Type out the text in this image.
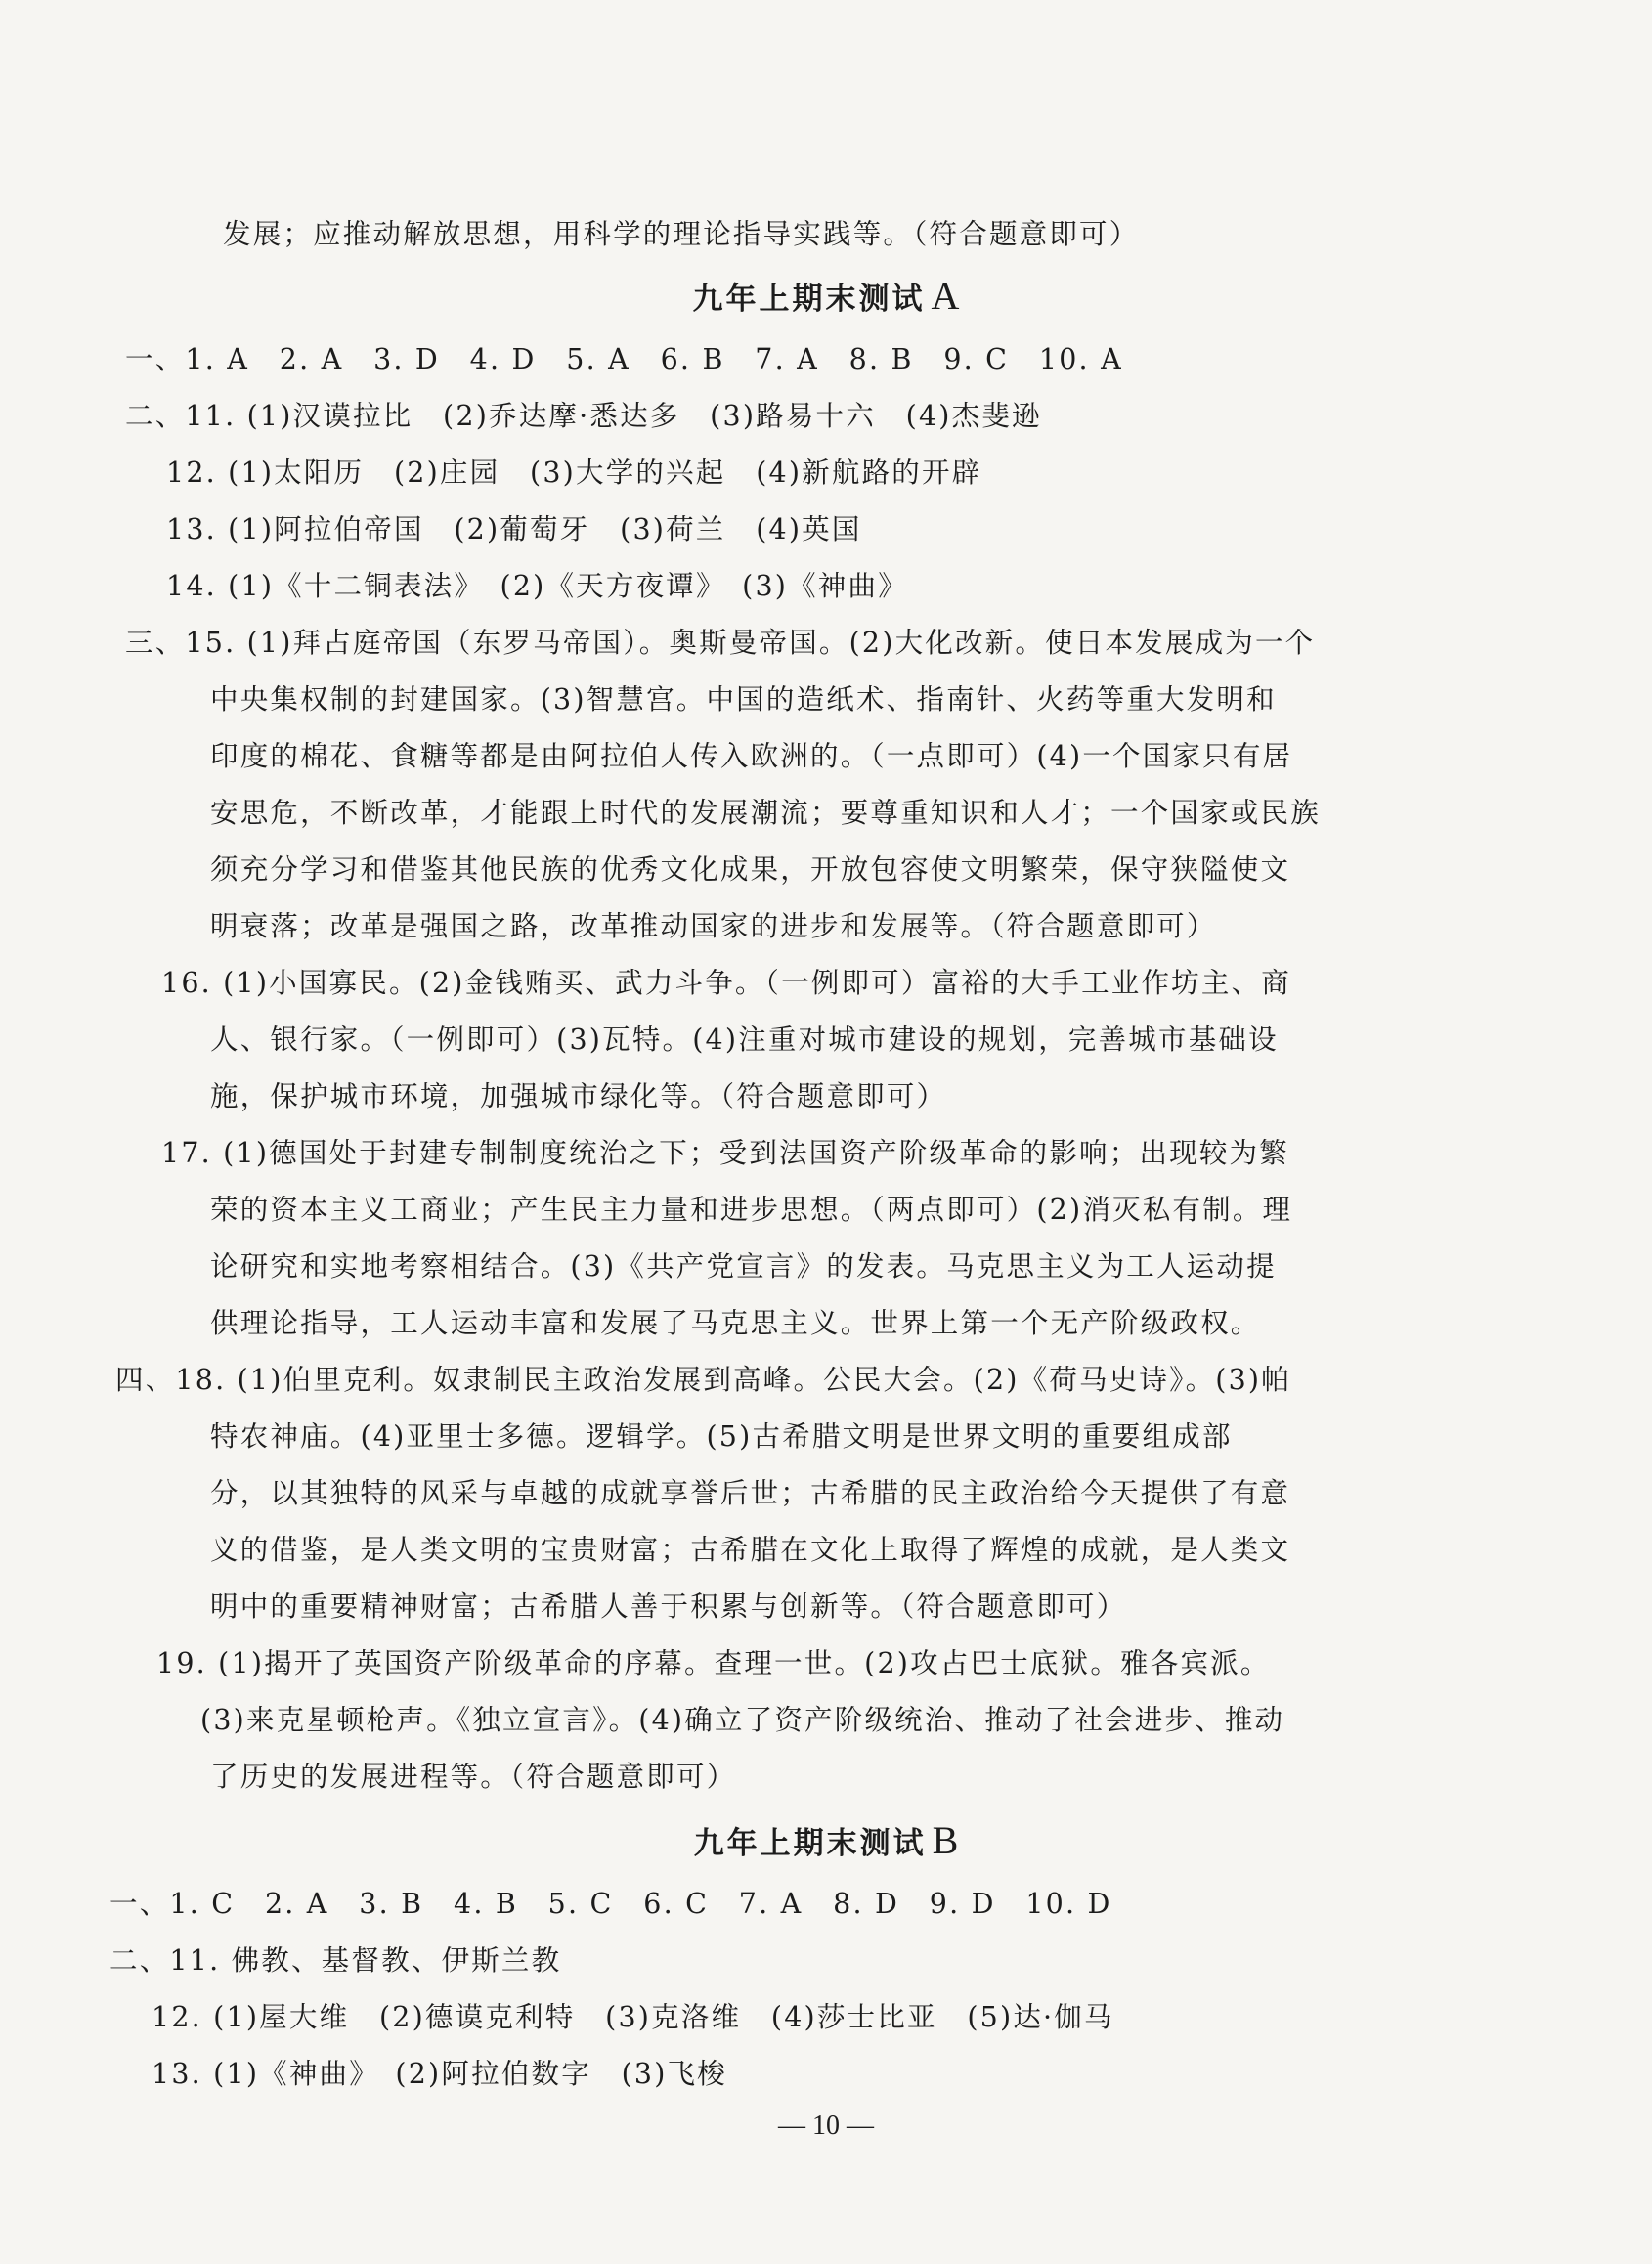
发展；应推动解放思想，用科学的理论指导实践等。（符合题意即可）
九年上期末测试 A
一、1. A　2. A　3. D　4. D　5. A　6. B　7. A　8. B　9. C　10. A
二、11. (1)汉谟拉比　(2)乔达摩·悉达多　(3)路易十六　(4)杰斐逊
12. (1)太阳历　(2)庄园　(3)大学的兴起　(4)新航路的开辟
13. (1)阿拉伯帝国　(2)葡萄牙　(3)荷兰　(4)英国
14. (1)《十二铜表法》　(2)《天方夜谭》　(3)《神曲》
三、15. (1)拜占庭帝国（东罗马帝国）。奥斯曼帝国。(2)大化改新。使日本发展成为一个
中央集权制的封建国家。(3)智慧宫。中国的造纸术、指南针、火药等重大发明和
印度的棉花、食糖等都是由阿拉伯人传入欧洲的。（一点即可）(4)一个国家只有居
安思危，不断改革，才能跟上时代的发展潮流；要尊重知识和人才；一个国家或民族
须充分学习和借鉴其他民族的优秀文化成果，开放包容使文明繁荣，保守狭隘使文
明衰落；改革是强国之路，改革推动国家的进步和发展等。（符合题意即可）
16. (1)小国寡民。(2)金钱贿买、武力斗争。（一例即可）富裕的大手工业作坊主、商
人、银行家。（一例即可）(3)瓦特。(4)注重对城市建设的规划，完善城市基础设
施，保护城市环境，加强城市绿化等。（符合题意即可）
17. (1)德国处于封建专制制度统治之下；受到法国资产阶级革命的影响；出现较为繁
荣的资本主义工商业；产生民主力量和进步思想。（两点即可）(2)消灭私有制。理
论研究和实地考察相结合。(3)《共产党宣言》的发表。马克思主义为工人运动提
供理论指导，工人运动丰富和发展了马克思主义。世界上第一个无产阶级政权。
四、18. (1)伯里克利。奴隶制民主政治发展到高峰。公民大会。(2)《荷马史诗》。(3)帕
特农神庙。(4)亚里士多德。逻辑学。(5)古希腊文明是世界文明的重要组成部
分，以其独特的风采与卓越的成就享誉后世；古希腊的民主政治给今天提供了有意
义的借鉴，是人类文明的宝贵财富；古希腊在文化上取得了辉煌的成就，是人类文
明中的重要精神财富；古希腊人善于积累与创新等。（符合题意即可）
19. (1)揭开了英国资产阶级革命的序幕。查理一世。(2)攻占巴士底狱。雅各宾派。
(3)来克星顿枪声。《独立宣言》。(4)确立了资产阶级统治、推动了社会进步、推动
了历史的发展进程等。（符合题意即可）
九年上期末测试 B
一、1. C　2. A　3. B　4. B　5. C　6. C　7. A　8. D　9. D　10. D
二、11. 佛教、基督教、伊斯兰教
12. (1)屋大维　(2)德谟克利特　(3)克洛维　(4)莎士比亚　(5)达·伽马
13. (1)《神曲》　(2)阿拉伯数字　(3)飞梭
— 10 —
